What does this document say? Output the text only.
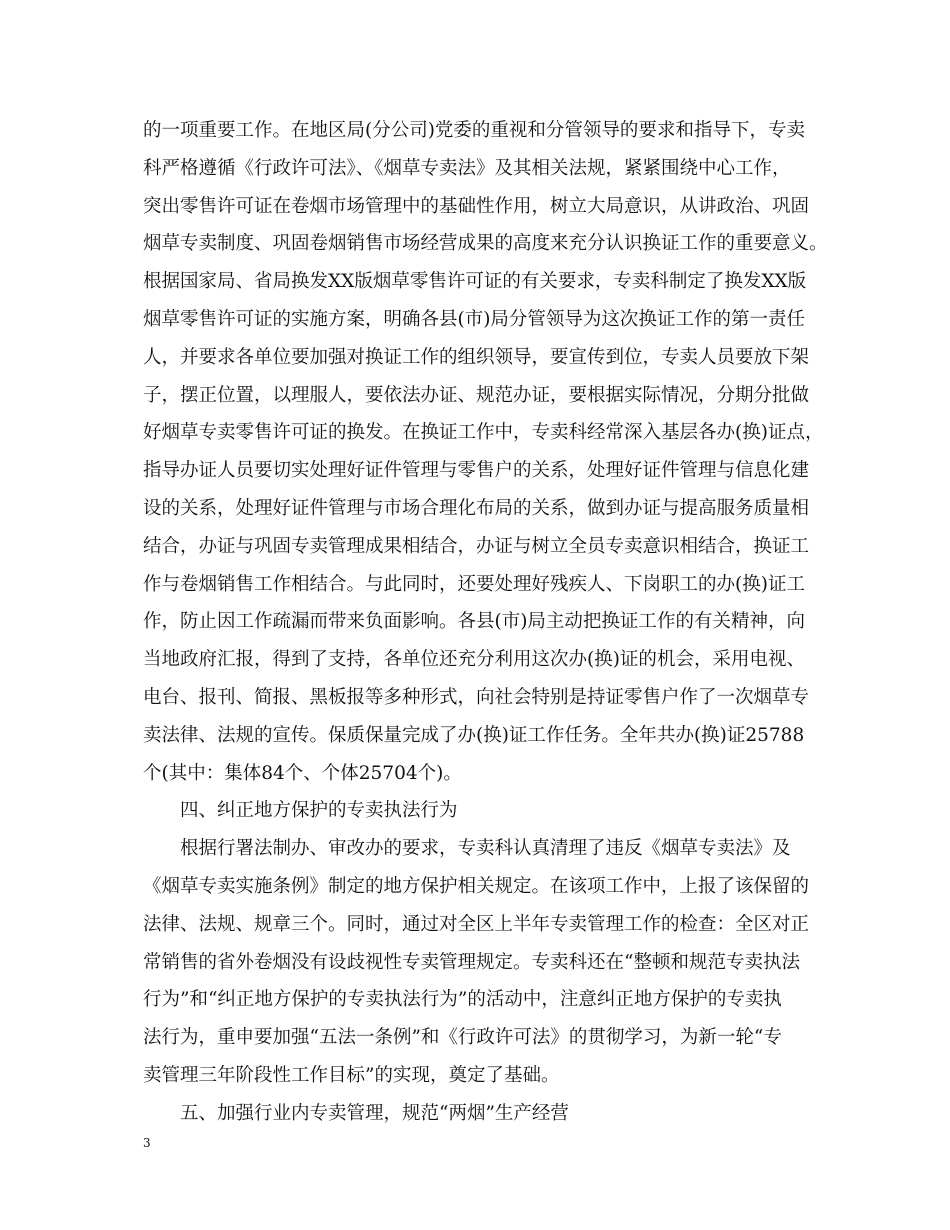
的一项重要工作。在地区局(分公司)党委的重视和分管领导的要求和指导下，专卖
科严格遵循《行政许可法》、《烟草专卖法》及其相关法规，紧紧围绕中心工作，
突出零售许可证在卷烟市场管理中的基础性作用，树立大局意识，从讲政治、巩固
烟草专卖制度、巩固卷烟销售市场经营成果的高度来充分认识换证工作的重要意义。
根据国家局、省局换发XX版烟草零售许可证的有关要求，专卖科制定了换发XX版
烟草零售许可证的实施方案，明确各县(市)局分管领导为这次换证工作的第一责任
人，并要求各单位要加强对换证工作的组织领导，要宣传到位，专卖人员要放下架
子，摆正位置，以理服人，要依法办证、规范办证，要根据实际情况，分期分批做
好烟草专卖零售许可证的换发。在换证工作中，专卖科经常深入基层各办(换)证点，
指导办证人员要切实处理好证件管理与零售户的关系，处理好证件管理与信息化建
设的关系，处理好证件管理与市场合理化布局的关系，做到办证与提高服务质量相
结合，办证与巩固专卖管理成果相结合，办证与树立全员专卖意识相结合，换证工
作与卷烟销售工作相结合。与此同时，还要处理好残疾人、下岗职工的办(换)证工
作，防止因工作疏漏而带来负面影响。各县(市)局主动把换证工作的有关精神，向
当地政府汇报，得到了支持，各单位还充分利用这次办(换)证的机会，采用电视、
电台、报刊、简报、黑板报等多种形式，向社会特别是持证零售户作了一次烟草专
卖法律、法规的宣传。保质保量完成了办(换)证工作任务。全年共办(换)证25788
个(其中：集体84个、个体25704个)。
四、纠正地方保护的专卖执法行为
根据行署法制办、审改办的要求，专卖科认真清理了违反《烟草专卖法》及
《烟草专卖实施条例》制定的地方保护相关规定。在该项工作中，上报了该保留的
法律、法规、规章三个。同时，通过对全区上半年专卖管理工作的检查：全区对正
常销售的省外卷烟没有设歧视性专卖管理规定。专卖科还在“整顿和规范专卖执法
行为”和“纠正地方保护的专卖执法行为”的活动中，注意纠正地方保护的专卖执
法行为，重申要加强“五法一条例”和《行政许可法》的贯彻学习，为新一轮“专
卖管理三年阶段性工作目标”的实现，奠定了基础。
五、加强行业内专卖管理，规范“两烟”生产经营
3
